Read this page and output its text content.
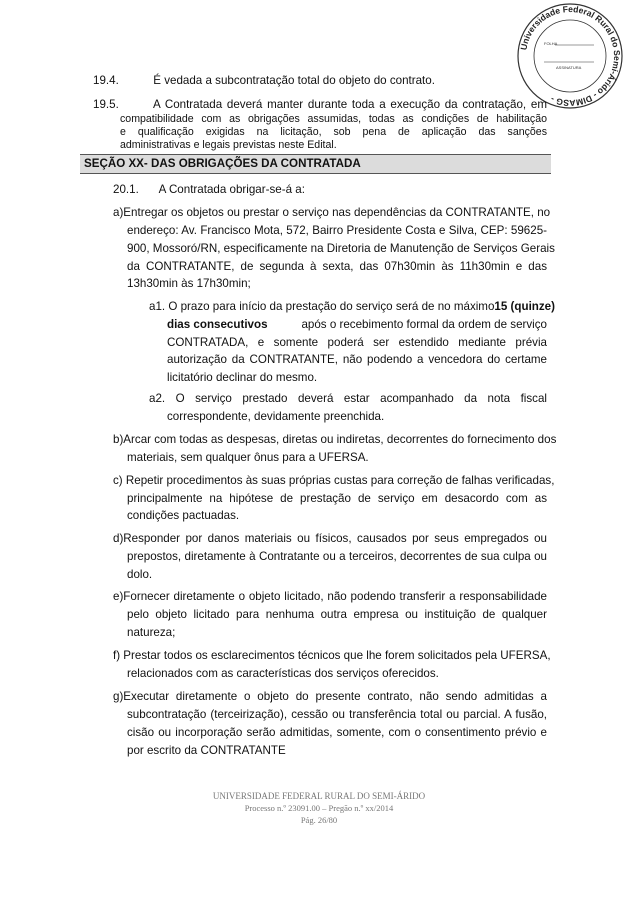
Universidade Federal Rural do Semi-Árido - DIMASG -
FOLHA
ASSINATURA
19.4.	É vedada a subcontratação total do objeto do contrato.
19.5.	A Contratada deverá manter durante toda a execução da contratação, em
compatibilidade com as obrigações assumidas, todas as condições de habilitação
e qualificação exigidas na licitação, sob pena de aplicação das sanções
administrativas e legais previstas neste Edital.
SEÇÃO XX- DAS OBRIGAÇÕES DA CONTRATADA
20.1. A Contratada obrigar-se-á a:
a)Entregar os objetos ou prestar o serviço nas dependências da CONTRATANTE, no
endereço: Av. Francisco Mota, 572, Bairro Presidente Costa e Silva, CEP: 59625-
900, Mossoró/RN, especificamente na Diretoria de Manutenção de Serviços Gerais
da CONTRATANTE, de segunda à sexta, das 07h30min às 11h30min e das
13h30min às 17h30min;
a1. O prazo para início da prestação do serviço será de no máximo 15 (quinze)
dias consecutivos	após o recebimento formal da ordem de serviço
CONTRATADA, e somente poderá ser estendido mediante prévia
autorização da CONTRATANTE, não podendo a vencedora do certame
licitatório declinar do mesmo.
a2. O serviço prestado deverá estar acompanhado da nota fiscal
correspondente, devidamente preenchida.
b)Arcar com todas as despesas, diretas ou indiretas, decorrentes do fornecimento dos
materiais, sem qualquer ônus para a UFERSA.
c) Repetir procedimentos às suas próprias custas para correção de falhas verificadas,
principalmente na hipótese de prestação de serviço em desacordo com as
condições pactuadas.
d)Responder por danos materiais ou físicos, causados por seus empregados ou
prepostos, diretamente à Contratante ou a terceiros, decorrentes de sua culpa ou
dolo.
e)Fornecer diretamente o objeto licitado, não podendo transferir a responsabilidade
pelo objeto licitado para nenhuma outra empresa ou instituição de qualquer
natureza;
f) Prestar todos os esclarecimentos técnicos que lhe forem solicitados pela UFERSA,
relacionados com as características dos serviços oferecidos.
g)Executar diretamente o objeto do presente contrato, não sendo admitidas a
subcontratação (terceirização), cessão ou transferência total ou parcial. A fusão,
cisão ou incorporação serão admitidas, somente, com o consentimento prévio e
por escrito da CONTRATANTE
UNIVERSIDADE FEDERAL RURAL DO SEMI-ÁRIDO
Processo n.º 23091.00 – Pregão n.º xx/2014
Pág. 26/80
